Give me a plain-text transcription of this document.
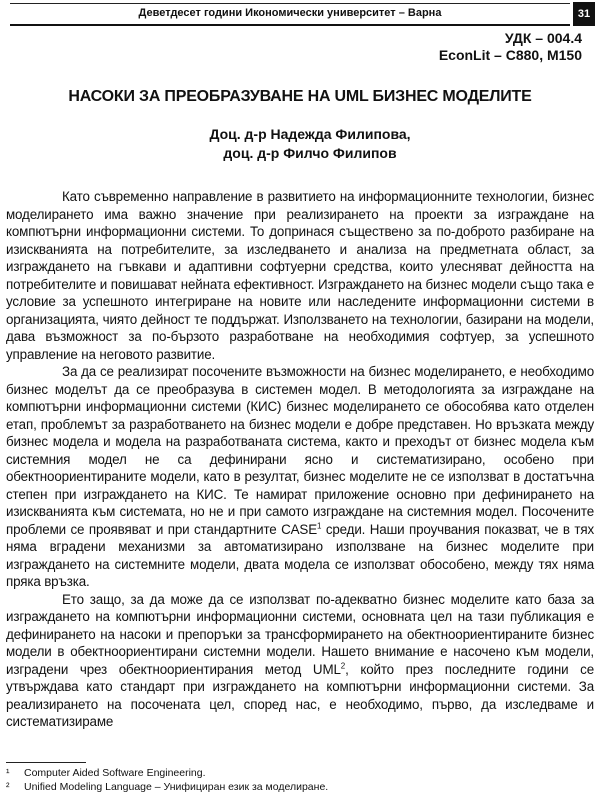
Деветдесет години Икономически университет – Варна	31
УДК – 004.4
EconLit – C880, M150
НАСОКИ ЗА ПРЕОБРАЗУВАНЕ НА UML БИЗНЕС МОДЕЛИТЕ
Доц. д-р Надежда Филипова,
доц. д-р Филчо Филипов

Като съвременно направление в развитието на информационните технологии, бизнес моделирането има важно значение при реализирането на проекти за изграждане на компютърни информационни системи. То допринася съществено за по-доброто разбиране на изискванията на потребителите, за изследването и анализа на предметната област, за изграждането на гъвкави и адаптивни софтуерни средства, които улесняват дейността на потребителите и повишават нейната ефективност. Изграждането на бизнес модели също така е условие за успешното интегриране на новите или наследените информационни системи в организацията, чиято дейност те поддържат. Използването на технологии, базирани на модели, дава възможност за по-бързото разработване на необходимия софтуер, за успешното управление на неговото развитие.

За да се реализират посочените възможности на бизнес моделирането, е необходимо бизнес моделът да се преобразува в системен модел. В методологията за изграждане на компютърни информационни системи (КИС) бизнес моделирането се обособява като отделен етап, проблемът за разработването на бизнес модели е добре представен. Но връзката между бизнес модела и модела на разработваната система, както и преходът от бизнес модела към системния модел не са дефинирани ясно и систематизирано, особено при обектноориентираните модели, като в резултат, бизнес моделите не се използват в достатъчна степен при изграждането на КИС. Те намират приложение основно при дефинирането на изискванията към системата, но не и при самото изграждане на системния модел. Посочените проблеми се проявяват и при стандартните CASE$^1$ среди. Наши проучвания показват, че в тях няма вградени механизми за автоматизирано използване на бизнес моделите при изграждането на системните модели, двата модела се използват обособено, между тях няма пряка връзка.

Ето защо, за да може да се използват по-адекватно бизнес моделите като база за изграждането на компютърни информационни системи, основната цел на тази публикация е дефинирането на насоки и препоръки за трансформирането на обектноориентираните бизнес модели в обектноориентирани системни модели. Нашето внимание е насочено към модели, изградени чрез обектноориентирания метод UML$^2$, който през последните години се утвърждава като стандарт при изграждането на компютърни информационни системи. За реализирането на посочената цел, според нас, е необходимо, първо, да изследваме и систематизираме

¹ Computer Aided Software Engineering.
² Unified Modeling Language – Унифициран език за моделиране.
